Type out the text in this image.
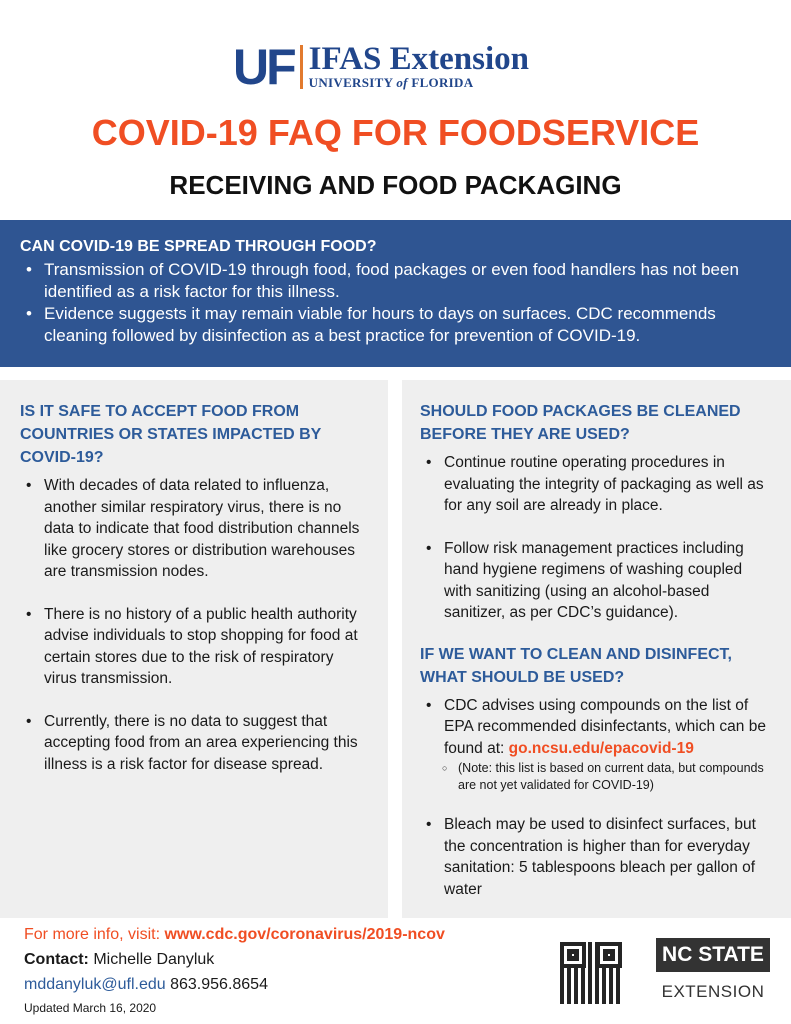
UF IFAS Extension
UNIVERSITY of FLORIDA
COVID-19 FAQ FOR FOODSERVICE
RECEIVING AND FOOD PACKAGING
CAN COVID-19 BE SPREAD THROUGH FOOD?
• Transmission of COVID-19 through food, food packages or even food handlers has not been identified as a risk factor for this illness.
• Evidence suggests it may remain viable for hours to days on surfaces. CDC recommends cleaning followed by disinfection as a best practice for prevention of COVID-19.
IS IT SAFE TO ACCEPT FOOD FROM COUNTRIES OR STATES IMPACTED BY COVID-19?
• With decades of data related to influenza, another similar respiratory virus, there is no data to indicate that food distribution channels like grocery stores or distribution warehouses are transmission nodes.
• There is no history of a public health authority advise individuals to stop shopping for food at certain stores due to the risk of respiratory virus transmission.
• Currently, there is no data to suggest that accepting food from an area experiencing this illness is a risk factor for disease spread.
SHOULD FOOD PACKAGES BE CLEANED BEFORE THEY ARE USED?
• Continue routine operating procedures in evaluating the integrity of packaging as well as for any soil are already in place.
• Follow risk management practices including hand hygiene regimens of washing coupled with sanitizing (using an alcohol-based sanitizer, as per CDC’s guidance).
IF WE WANT TO CLEAN AND DISINFECT, WHAT SHOULD BE USED?
• CDC advises using compounds on the list of EPA recommended disinfectants, which can be found at: go.ncsu.edu/epacovid-19
○ (Note: this list is based on current data, but compounds are not yet validated for COVID-19)
• Bleach may be used to disinfect surfaces, but the concentration is higher than for everyday sanitation: 5 tablespoons bleach per gallon of water
For more info, visit: www.cdc.gov/coronavirus/2019-ncov
Contact: Michelle Danyluk
mddanyluk@ufl.edu 863.956.8654
Updated March 16, 2020
NC STATE
EXTENSION
